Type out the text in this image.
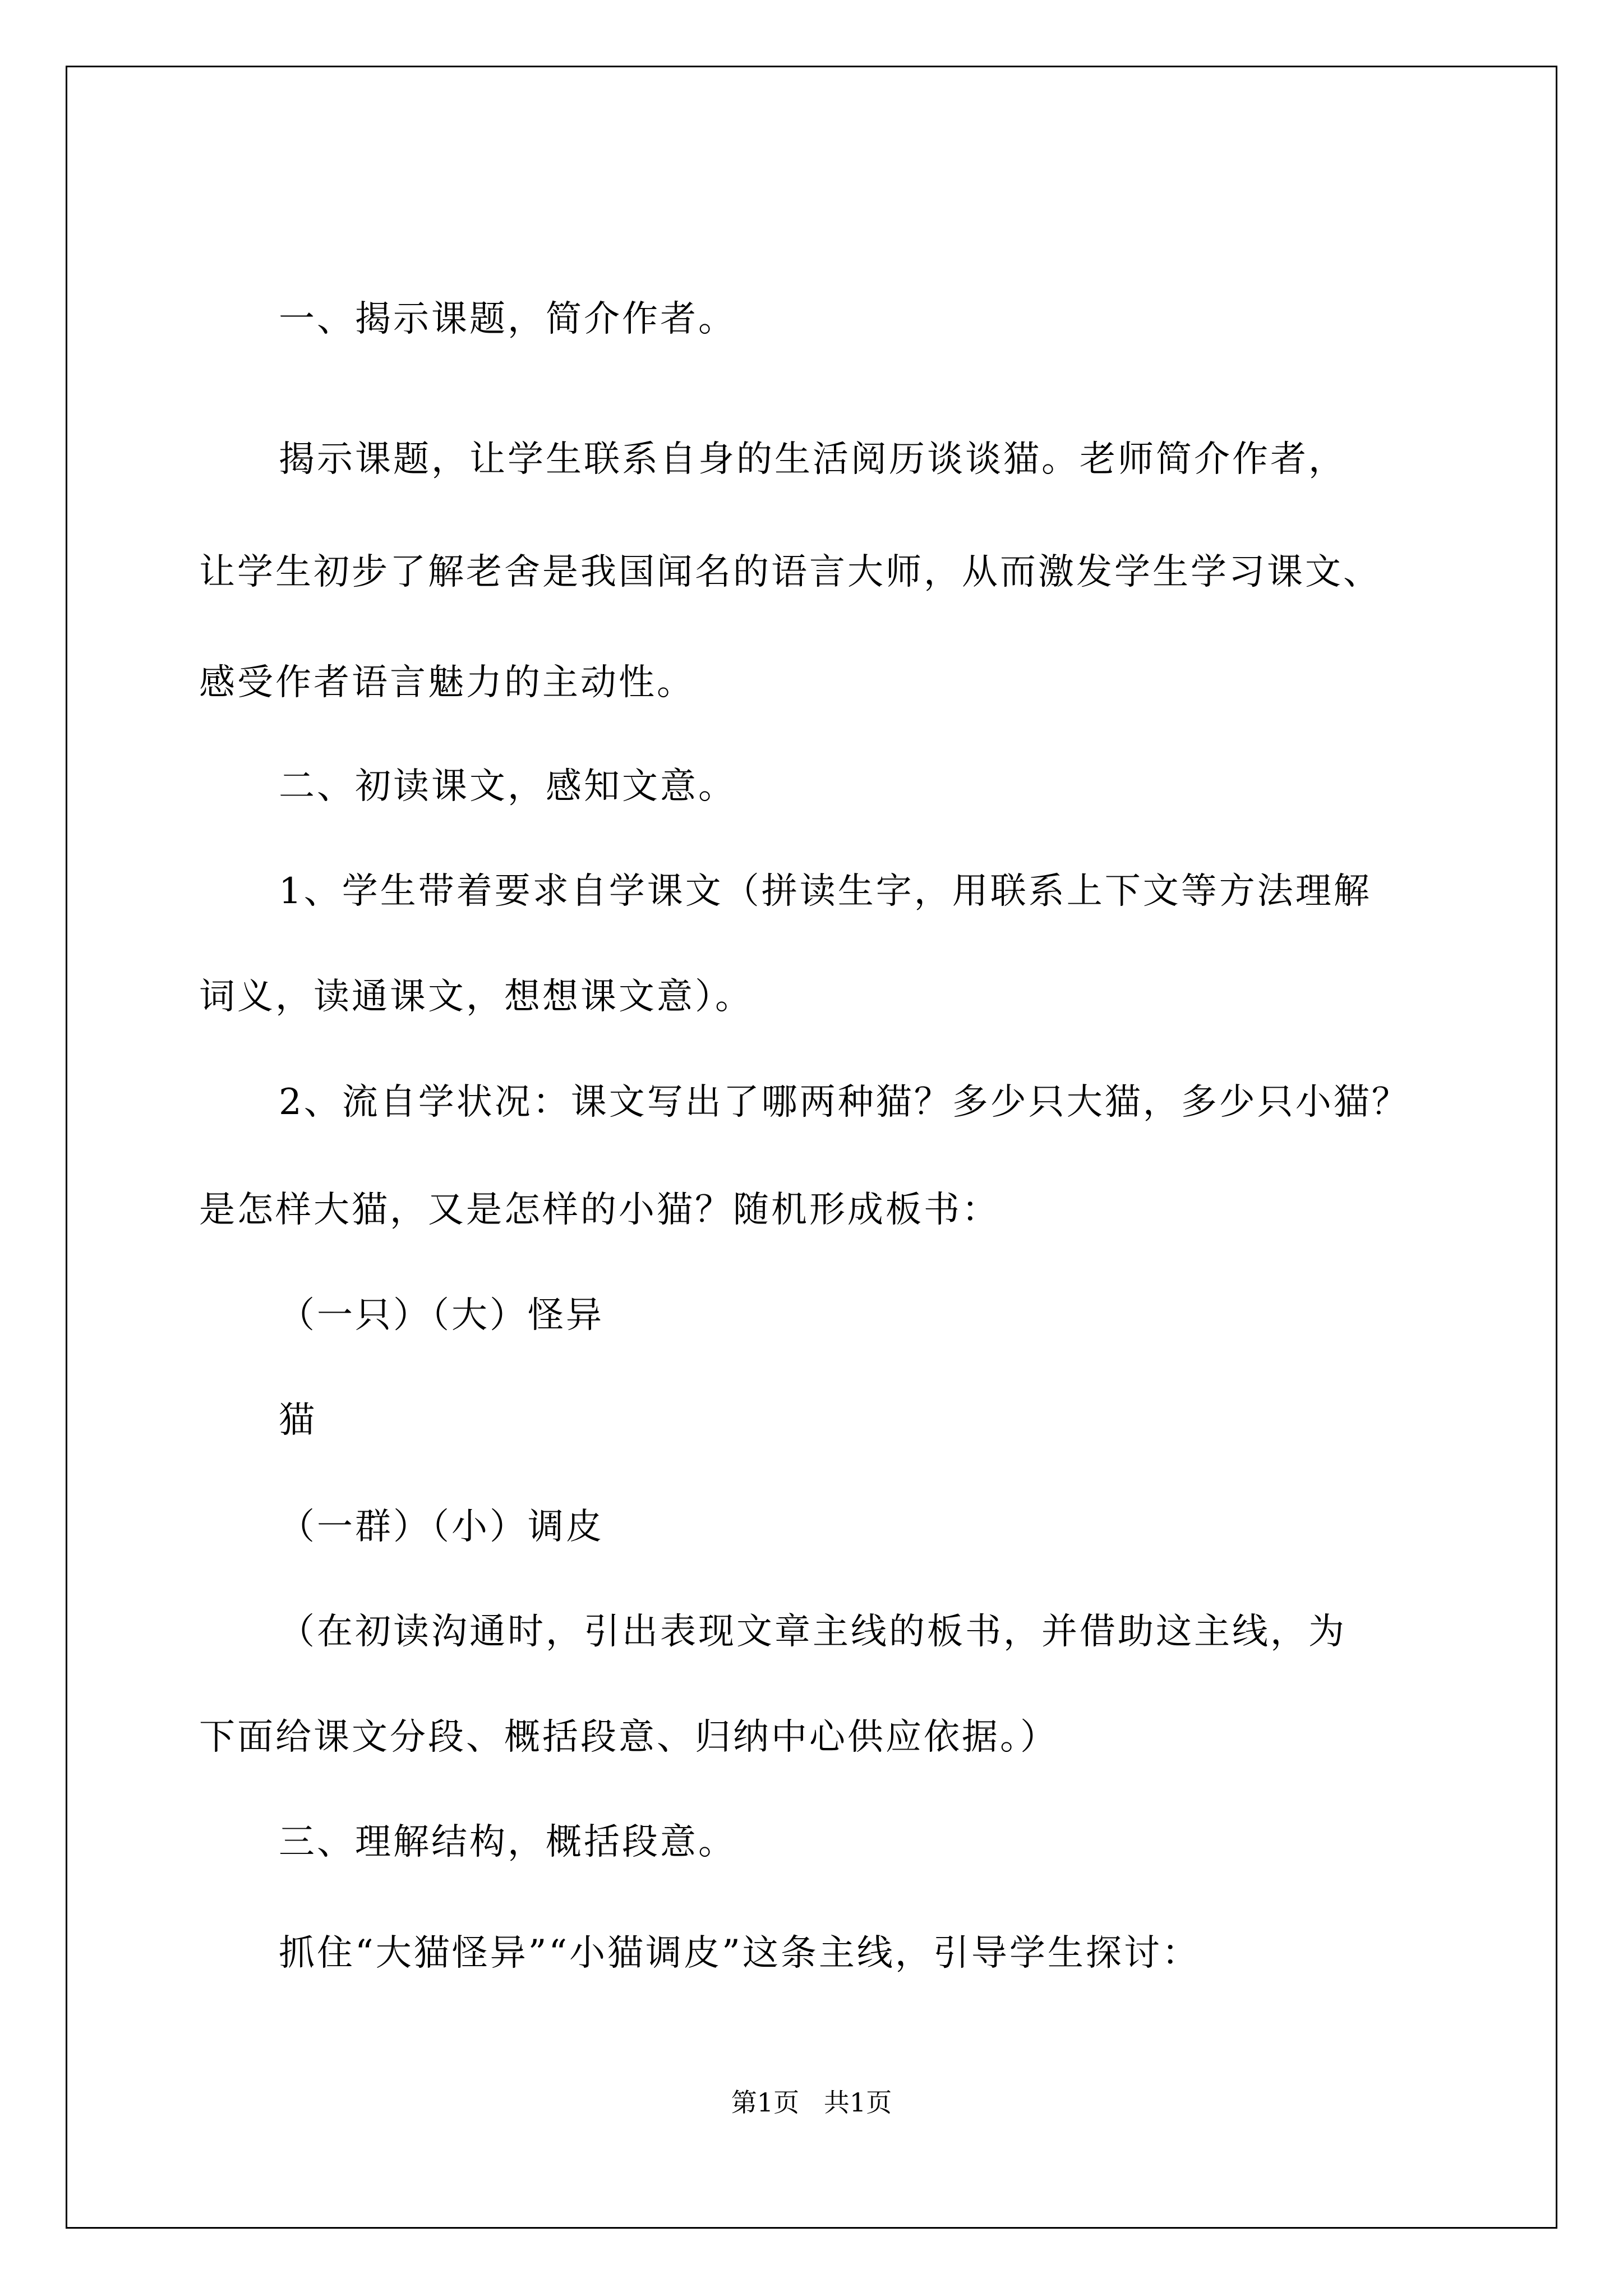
一、揭示课题，简介作者。
揭示课题，让学生联系自身的生活阅历谈谈猫。老师简介作者，
让学生初步了解老舍是我国闻名的语言大师，从而激发学生学习课文、
感受作者语言魅力的主动性。
二、初读课文，感知文意。
1、学生带着要求自学课文（拼读生字，用联系上下文等方法理解
词义，读通课文，想想课文意）。
2、流自学状况：课文写出了哪两种猫？多少只大猫，多少只小猫？
是怎样大猫，又是怎样的小猫？随机形成板书：
（一只）（大）怪异
猫
（一群）（小）调皮
（在初读沟通时，引出表现文章主线的板书，并借助这主线，为
下面给课文分段、概括段意、归纳中心供应依据。）
三、理解结构，概括段意。
抓住“大猫怪异”“小猫调皮”这条主线，引导学生探讨：
第1页   共1页
